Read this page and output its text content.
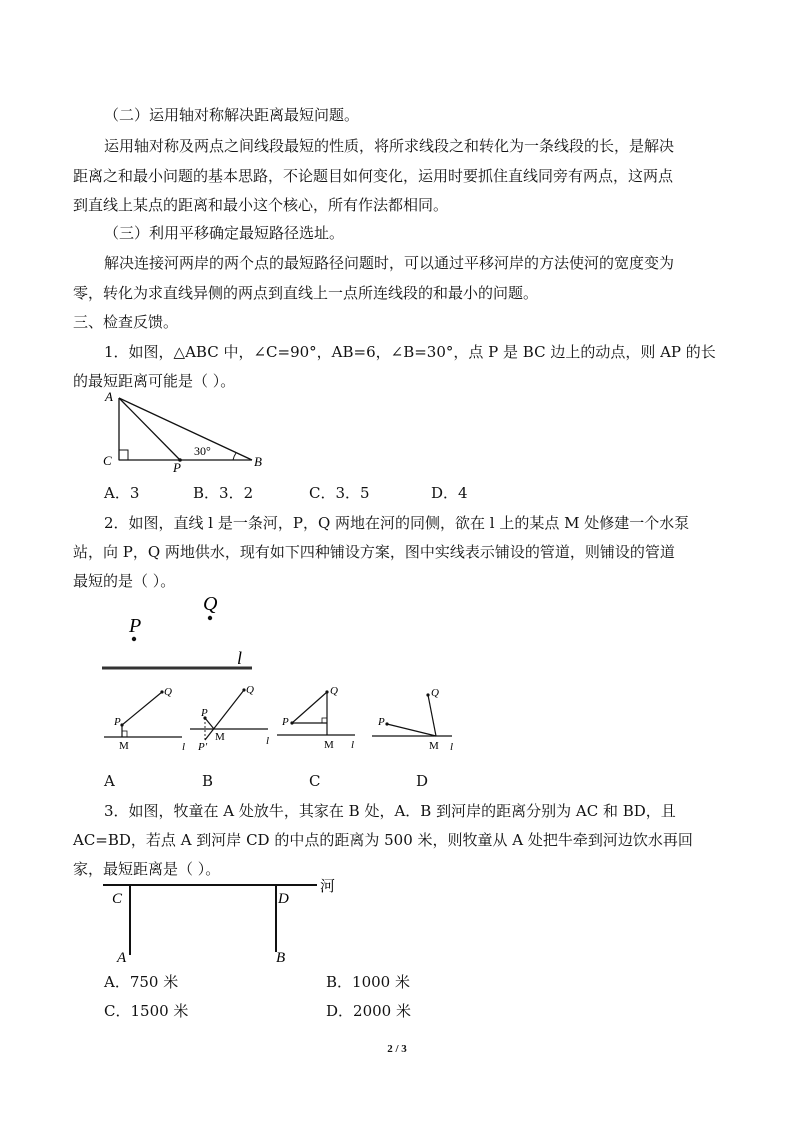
（二）运用轴对称解决距离最短问题。
运用轴对称及两点之间线段最短的性质，将所求线段之和转化为一条线段的长，是解决
距离之和最小问题的基本思路，不论题目如何变化，运用时要抓住直线同旁有两点，这两点
到直线上某点的距离和最小这个核心，所有作法都相同。
（三）利用平移确定最短路径选址。
解决连接河两岸的两个点的最短路径问题时，可以通过平移河岸的方法使河的宽度变为
零，转化为求直线异侧的两点到直线上一点所连线段的和最小的问题。
三、检查反馈。
1．如图，△ABC 中，∠C=90°，AB=6，∠B=30°，点 P 是 BC 边上的动点，则 AP 的长
的最短距离可能是（ ）。
A
C	P	B
30°
A．3	B．3．2	C．3．5	D．4
2．如图，直线 l 是一条河，P，Q 两地在河的同侧，欲在 l 上的某点 M 处修建一个水泵
站，向 P，Q 两地供水，现有如下四种铺设方案，图中实线表示铺设的管道，则铺设的管道
最短的是（ ）。
P
Q
l
P
Q
M	l
P
Q
M
P′	l
P
Q
M l
P
Q
M l
A	B	C	D
3．如图，牧童在 A 处放牛，其家在 B 处，A．B 到河岸的距离分别为 AC 和 BD，且
AC=BD，若点 A 到河岸 CD 的中点的距离为 500 米，则牧童从 A 处把牛牵到河边饮水再回
家，最短距离是（ ）。
C	D
A	B
河
A．750 米	B．1000 米
C．1500 米	D．2000 米
2 / 3
